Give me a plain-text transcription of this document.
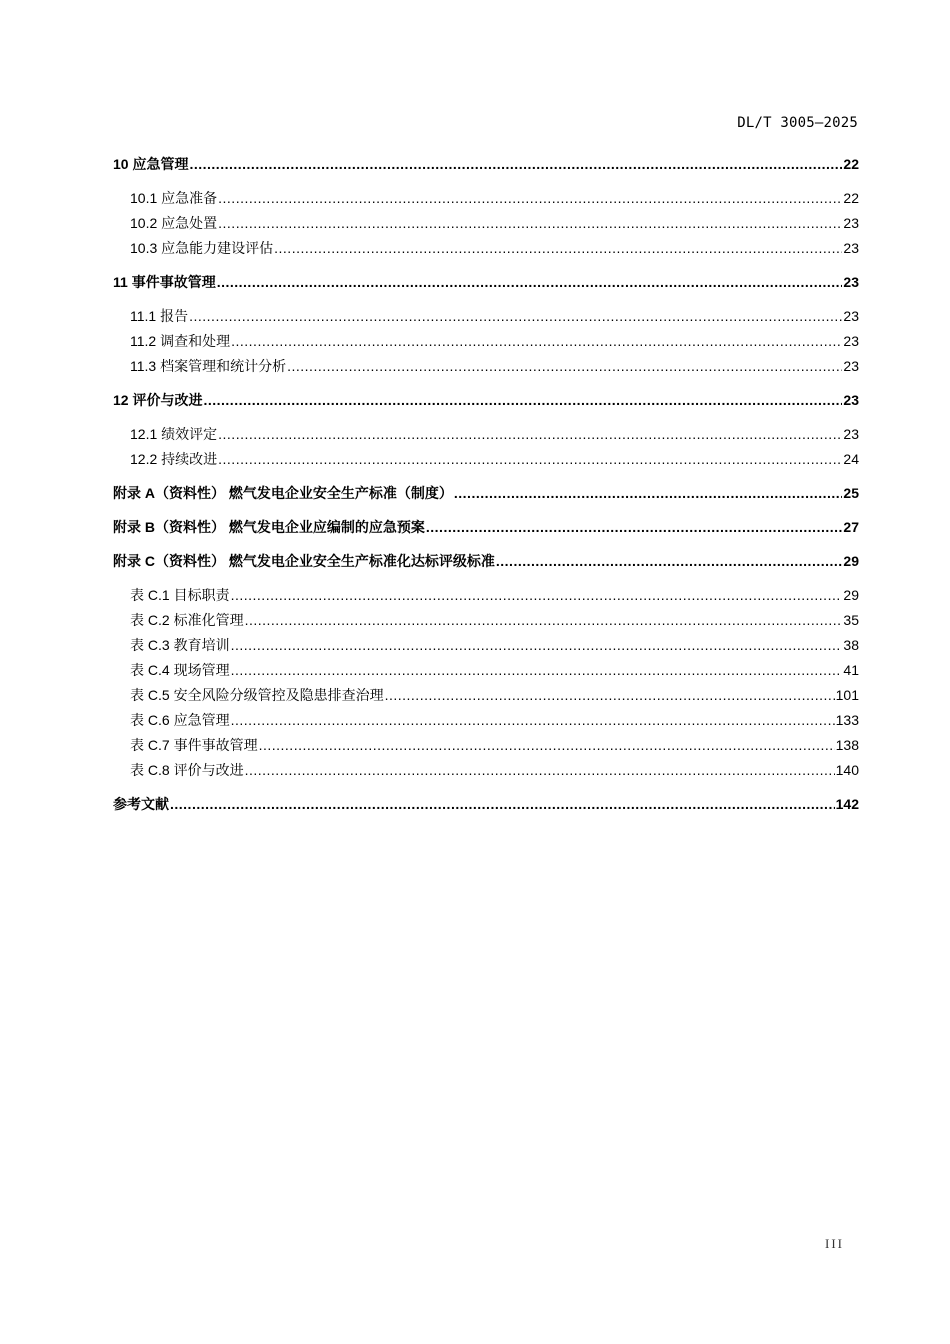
DL/T 3005—2025
10 应急管理 .....	22
10.1 应急准备 .....	22
10.2 应急处置 .....	23
10.3 应急能力建设评估 .....	23
11 事件事故管理 .....	23
11.1 报告 .....	23
11.2 调查和处理 .....	23
11.3 档案管理和统计分析 .....	23
12 评价与改进 .....	23
12.1 绩效评定 .....	23
12.2 持续改进 .....	24
附录 A（资料性） 燃气发电企业安全生产标准（制度） .....	25
附录 B（资料性） 燃气发电企业应编制的应急预案 .....	27
附录 C（资料性） 燃气发电企业安全生产标准化达标评级标准 .....	29
表 C.1 目标职责 .....	29
表 C.2 标准化管理 .....	35
表 C.3 教育培训 .....	38
表 C.4 现场管理 .....	41
表 C.5 安全风险分级管控及隐患排查治理 .....	101
表 C.6 应急管理 .....	133
表 C.7 事件事故管理 .....	138
表 C.8 评价与改进 .....	140
参考文献 .....	142
III
